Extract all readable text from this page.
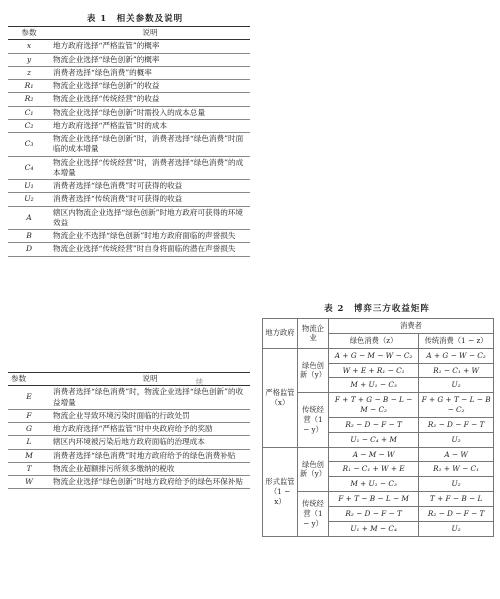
表 1　相关参数及说明
参数	说明
x	地方政府选择“严格监管”的概率
y	物流企业选择“绿色创新”的概率
z	消费者选择“绿色消费”的概率
R₁	物流企业选择“绿色创新”的收益
R₂	物流企业选择“传统经营”的收益
C₁	物流企业选择“绿色创新”时需投入的成本总量
C₂	地方政府选择“严格监管”时的成本
C₃	物流企业选择“绿色创新”时，消费者选择“绿色消费”时面临的成本增量
C₄	物流企业选择“传统经营”时，消费者选择“绿色消费”的成本增量
U₁	消费者选择“绿色消费”时可获得的收益
U₂	消费者选择“传统消费”时可获得的收益
A	辖区内物流企业选择“绿色创新”时地方政府可获得的环境效益
B	物流企业不选择“绿色创新”时地方政府面临的声誉损失
D	物流企业选择“传统经营”时自身将面临的潜在声誉损失
续
参数	说明
E	消费者选择“绿色消费”时，物流企业选择“绿色创新”的收益增量
F	物流企业导致环境污染时面临的行政处罚
G	地方政府选择“严格监管”时中央政府给予的奖励
L	辖区内环境被污染后地方政府面临的治理成本
M	消费者选择“绿色消费”时地方政府给予的绿色消费补贴
T	物流企业超额排污所须多缴纳的税收
W	物流企业选择“绿色创新”时地方政府给予的绿色环保补贴
表 2　博弈三方收益矩阵
地方政府	物流企业	消费者	
		绿色消费（z）	传统消费（1 − z）
严格监管（x）	绿色创新（y）	A + G − M − W − C₂	A + G − W − C₂
		W + E + R₁ − C₁	R₁ − C₁ + W
		M + U₁ − C₃	U₂
	传统经营（1 − y）	F + T + G − B − L − M − C₂	F + G + T − L − B − C₂
		R₂ − D − F − T	R₂ − D − F − T
		U₁ − C₄ + M	U₂
形式监管（1 − x）	绿色创新（y）	A − M − W	A − W
		R₁ − C₁ + W + E	R₁ + W − C₁
		M + U₁ − C₃	U₂
	传统经营（1 − y）	F + T − B − L − M	T + F − B − L
		R₂ − D − F − T	R₂ − D − F − T
		U₁ + M − C₄	U₂
